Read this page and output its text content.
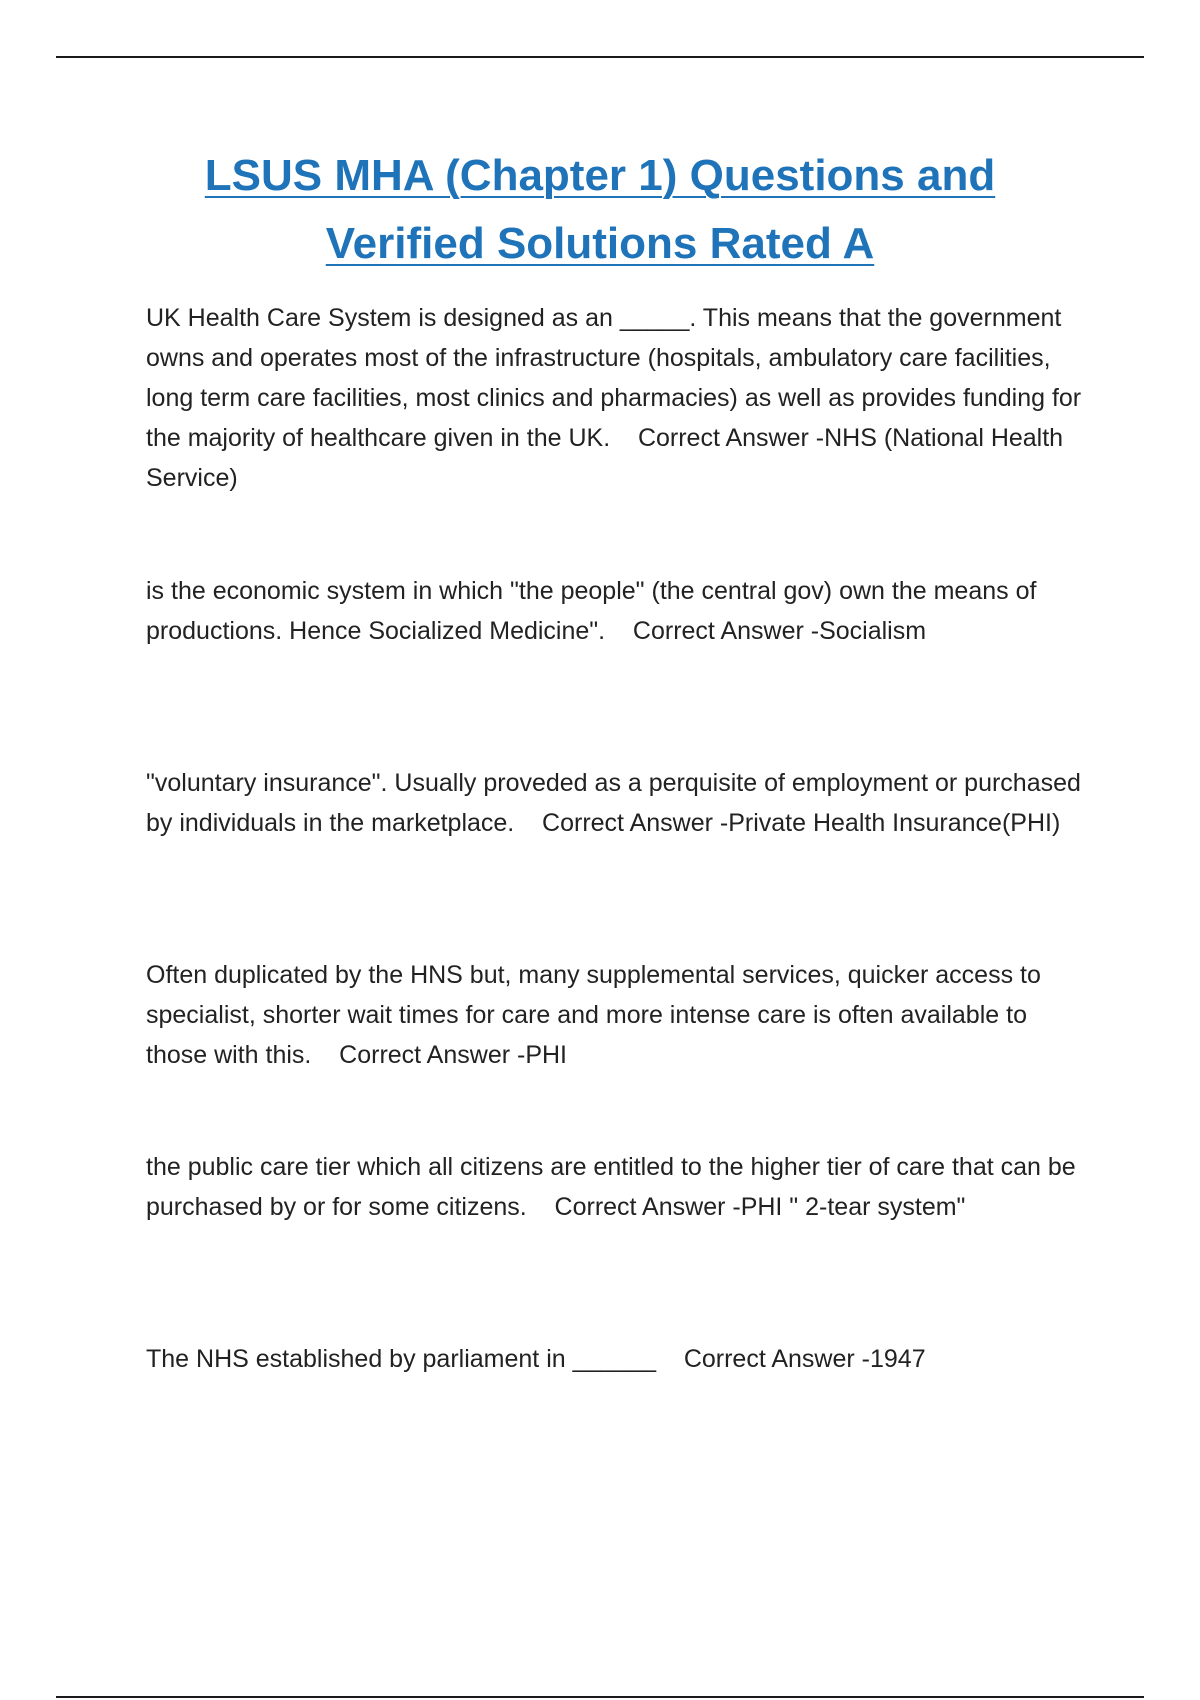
LSUS MHA (Chapter 1) Questions and
Verified Solutions Rated A

UK Health Care System is designed as an _____. This means that the government owns and operates most of the infrastructure (hospitals, ambulatory care facilities, long term care facilities, most clinics and pharmacies) as well as provides funding for the majority of healthcare given in the UK. Correct Answer -NHS (National Health Service)

is the economic system in which "the people" (the central gov) own the means of productions. Hence Socialized Medicine". Correct Answer -Socialism

"voluntary insurance". Usually proveded as a perquisite of employment or purchased by individuals in the marketplace. Correct Answer -Private Health Insurance(PHI)

Often duplicated by the HNS but, many supplemental services, quicker access to specialist, shorter wait times for care and more intense care is often available to those with this. Correct Answer -PHI

the public care tier which all citizens are entitled to the higher tier of care that can be purchased by or for some citizens. Correct Answer -PHI " 2-tear system"

The NHS established by parliament in ______ Correct Answer -1947
